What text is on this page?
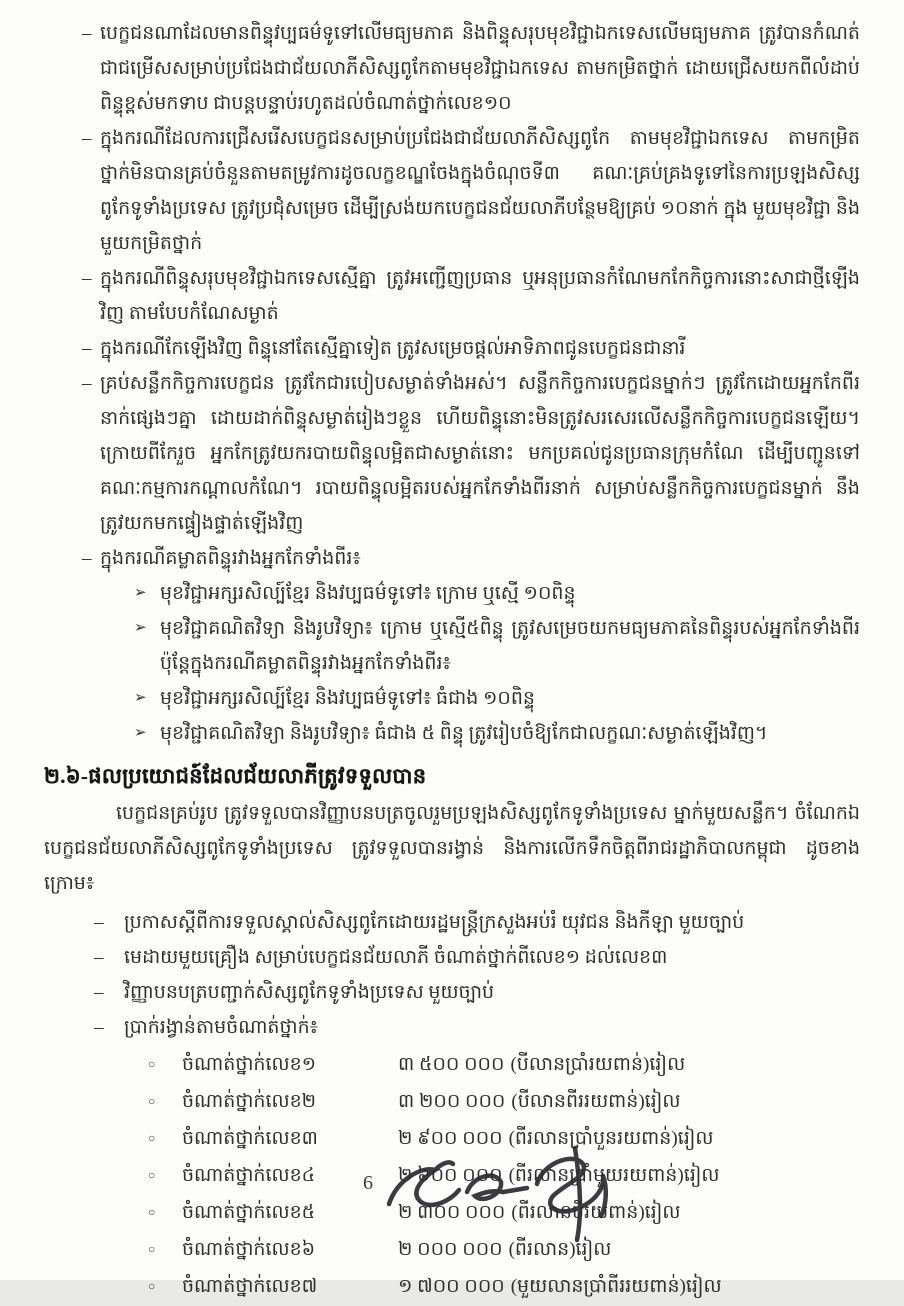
– បេក្ខជនណាដែលមានពិន្ទុវប្បធម៌ទូទៅលើមធ្យមភាគ និងពិន្ទុសរុបមុខវិជ្ជាឯកទេសលើមធ្យមភាគ ត្រូវបានកំណត់ជាជម្រើសសម្រាប់ប្រជែងជាជ័យលាភីសិស្សពូកែតាមមុខវិជ្ជាឯកទេស តាមកម្រិតថ្នាក់ ដោយជ្រើសយកពីលំដាប់ពិន្ទុខ្ពស់មកទាប ជាបន្តបន្ទាប់រហូតដល់ចំណាត់ថ្នាក់លេខ១០
– ក្នុងករណីដែលការជ្រើសរើសបេក្ខជនសម្រាប់ប្រជែងជាជ័យលាភីសិស្សពូកែ តាមមុខវិជ្ជាឯកទេស តាមកម្រិតថ្នាក់មិនបានគ្រប់ចំនួនតាមតម្រូវការដូចលក្ខខណ្ឌចែងក្នុងចំណុចទី៣ គណៈគ្រប់គ្រងទូទៅនៃការប្រឡងសិស្សពូកែទូទាំងប្រទេស ត្រូវប្រជុំសម្រេច ដើម្បីស្រង់យកបេក្ខជនជ័យលាភីបន្ថែមឱ្យគ្រប់ ១០នាក់ ក្នុង មួយមុខវិជ្ជា និងមួយកម្រិតថ្នាក់
– ក្នុងករណីពិន្ទុសរុបមុខវិជ្ជាឯកទេសស្មើគ្នា ត្រូវអញ្ជើញប្រធាន ឬអនុប្រធានកំណែមកកែកិច្ចការនោះសាជាថ្មីឡើងវិញ តាមបែបកំណែសម្ងាត់
– ក្នុងករណីកែឡើងវិញ ពិន្ទុនៅតែស្មើគ្នាទៀត ត្រូវសម្រេចផ្តល់អាទិភាពជូនបេក្ខជនជានារី
– គ្រប់សន្លឹកកិច្ចការបេក្ខជន ត្រូវកែជារបៀបសម្ងាត់ទាំងអស់។ សន្លឹកកិច្ចការបេក្ខជនម្នាក់ៗ ត្រូវកែដោយអ្នកកែពីរនាក់ផ្សេងៗគ្នា ដោយដាក់ពិន្ទុសម្ងាត់រៀងៗខ្លួន ហើយពិន្ទុនោះមិនត្រូវសរសេរលើសន្លឹកកិច្ចការបេក្ខជនឡើយ។ ក្រោយពីកែរួច អ្នកកែត្រូវយករបាយពិន្ទុលម្អិតជាសម្ងាត់នោះ មកប្រគល់ជូនប្រធានក្រុមកំណែ ដើម្បីបញ្ជូនទៅគណៈកម្មការកណ្តាលកំណែ។ របាយពិន្ទុលម្អិតរបស់អ្នកកែទាំងពីរនាក់ សម្រាប់សន្លឹកកិច្ចការបេក្ខជនម្នាក់ នឹងត្រូវយកមកផ្ទៀងផ្ទាត់ឡើងវិញ
– ក្នុងករណីគម្លាតពិន្ទុរវាងអ្នកកែទាំងពីរ៖
➢ មុខវិជ្ជាអក្សរសិល្ប៍ខ្មែរ និងវប្បធម៌ទូទៅ៖ ក្រោម ឬស្មើ ១០ពិន្ទុ
➢ មុខវិជ្ជាគណិតវិទ្យា និងរូបវិទ្យា៖ ក្រោម ឬស្មើ៥ពិន្ទុ ត្រូវសម្រេចយកមធ្យមភាគនៃពិន្ទុរបស់អ្នកកែទាំងពីរ ប៉ុន្តែក្នុងករណីគម្លាតពិន្ទុរវាងអ្នកកែទាំងពីរ៖
➢ មុខវិជ្ជាអក្សរសិល្ប៍ខ្មែរ និងវប្បធម៌ទូទៅ៖ ធំជាង ១០ពិន្ទុ
➢ មុខវិជ្ជាគណិតវិទ្យា និងរូបវិទ្យា៖ ធំជាង ៥ ពិន្ទុ ត្រូវរៀបចំឱ្យកែជាលក្ខណៈសម្ងាត់ឡើងវិញ។
២.៦-ផលប្រយោជន៍ដែលជ័យលាភីត្រូវទទួលបាន
បេក្ខជនគ្រប់រូប ត្រូវទទួលបានវិញ្ញាបនបត្រចូលរួមប្រឡងសិស្សពូកែទូទាំងប្រទេស ម្នាក់មួយសន្លឹក។ ចំណែកឯបេក្ខជនជ័យលាភីសិស្សពូកែទូទាំងប្រទេស ត្រូវទទួលបានរង្វាន់ និងការលើកទឹកចិត្តពីរាជរដ្ឋាភិបាលកម្ពុជា ដូចខាងក្រោម៖
–	ប្រកាសស្តីពីការទទួលស្គាល់សិស្សពូកែដោយរដ្ឋមន្ត្រីក្រសួងអប់រំ យុវជន និងកីឡា មួយច្បាប់
–	មេដាយមួយគ្រឿង សម្រាប់បេក្ខជនជ័យលាភី ចំណាត់ថ្នាក់ពីលេខ១ ដល់លេខ៣
–	វិញ្ញាបនបត្របញ្ជាក់សិស្សពូកែទូទាំងប្រទេស មួយច្បាប់
–	ប្រាក់រង្វាន់តាមចំណាត់ថ្នាក់៖
○	ចំណាត់ថ្នាក់លេខ១	៣ ៥០០ ០០០ (បីលានប្រាំរយពាន់)រៀល
○	ចំណាត់ថ្នាក់លេខ២	៣ ២០០ ០០០ (បីលានពីររយពាន់)រៀល
○	ចំណាត់ថ្នាក់លេខ៣	២ ៩០០ ០០០ (ពីរលានប្រាំបួនរយពាន់)រៀល
○	ចំណាត់ថ្នាក់លេខ៤	២ ៦០០ ០០០ (ពីរលានប្រាំមួយរយពាន់)រៀល
○	ចំណាត់ថ្នាក់លេខ៥	២ ៣០០ ០០០ (ពីរលានបីរយពាន់)រៀល
○	ចំណាត់ថ្នាក់លេខ៦	២ ០០០ ០០០ (ពីរលាន)រៀល
○	ចំណាត់ថ្នាក់លេខ៧	១ ៧០០ ០០០ (មួយលានប្រាំពីររយពាន់)រៀល
6
